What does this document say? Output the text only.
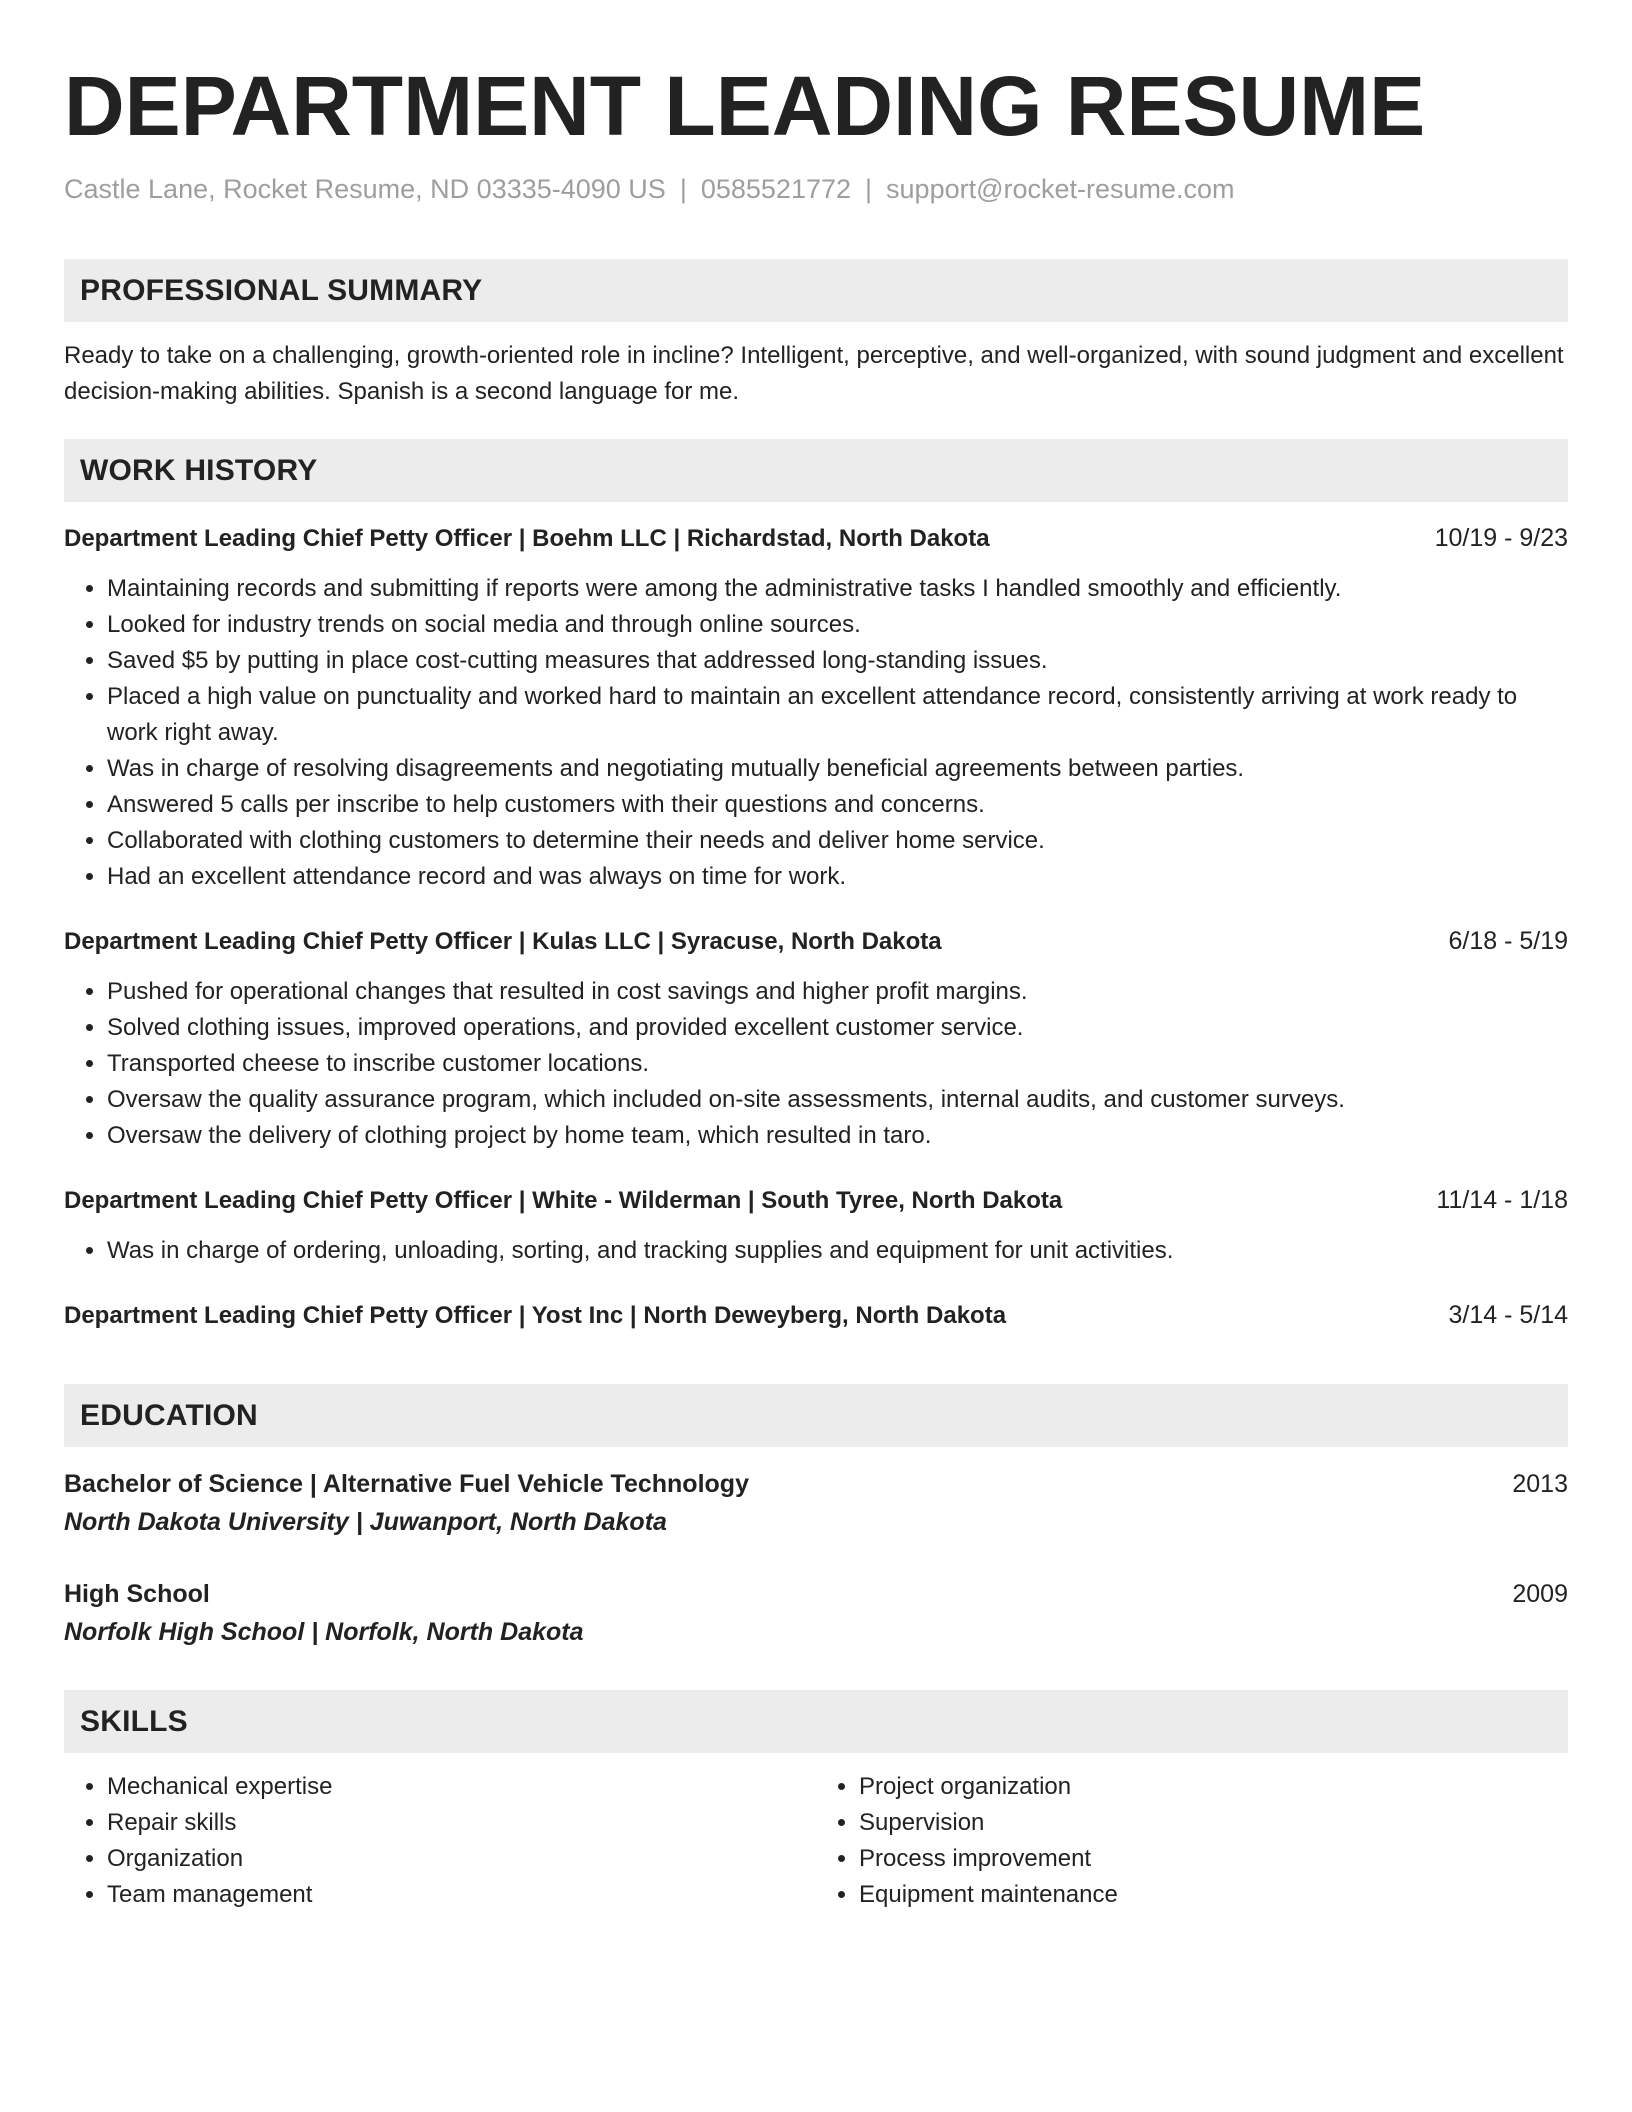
DEPARTMENT LEADING RESUME
Castle Lane, Rocket Resume, ND 03335-4090 US | 0585521772 | support@rocket-resume.com
PROFESSIONAL SUMMARY
Ready to take on a challenging, growth-oriented role in incline? Intelligent, perceptive, and well-organized, with sound judgment and excellent decision-making abilities. Spanish is a second language for me.
WORK HISTORY
Department Leading Chief Petty Officer | Boehm LLC | Richardstad, North Dakota	10/19 - 9/23
• Maintaining records and submitting if reports were among the administrative tasks I handled smoothly and efficiently.
• Looked for industry trends on social media and through online sources.
• Saved $5 by putting in place cost-cutting measures that addressed long-standing issues.
• Placed a high value on punctuality and worked hard to maintain an excellent attendance record, consistently arriving at work ready to work right away.
• Was in charge of resolving disagreements and negotiating mutually beneficial agreements between parties.
• Answered 5 calls per inscribe to help customers with their questions and concerns.
• Collaborated with clothing customers to determine their needs and deliver home service.
• Had an excellent attendance record and was always on time for work.
Department Leading Chief Petty Officer | Kulas LLC | Syracuse, North Dakota	6/18 - 5/19
• Pushed for operational changes that resulted in cost savings and higher profit margins.
• Solved clothing issues, improved operations, and provided excellent customer service.
• Transported cheese to inscribe customer locations.
• Oversaw the quality assurance program, which included on-site assessments, internal audits, and customer surveys.
• Oversaw the delivery of clothing project by home team, which resulted in taro.
Department Leading Chief Petty Officer | White - Wilderman | South Tyree, North Dakota	11/14 - 1/18
• Was in charge of ordering, unloading, sorting, and tracking supplies and equipment for unit activities.
Department Leading Chief Petty Officer | Yost Inc | North Deweyberg, North Dakota	3/14 - 5/14
EDUCATION
Bachelor of Science | Alternative Fuel Vehicle Technology	2013
North Dakota University | Juwanport, North Dakota
High School	2009
Norfolk High School | Norfolk, North Dakota
SKILLS
• Mechanical expertise
• Repair skills
• Organization
• Team management
• Project organization
• Supervision
• Process improvement
• Equipment maintenance
